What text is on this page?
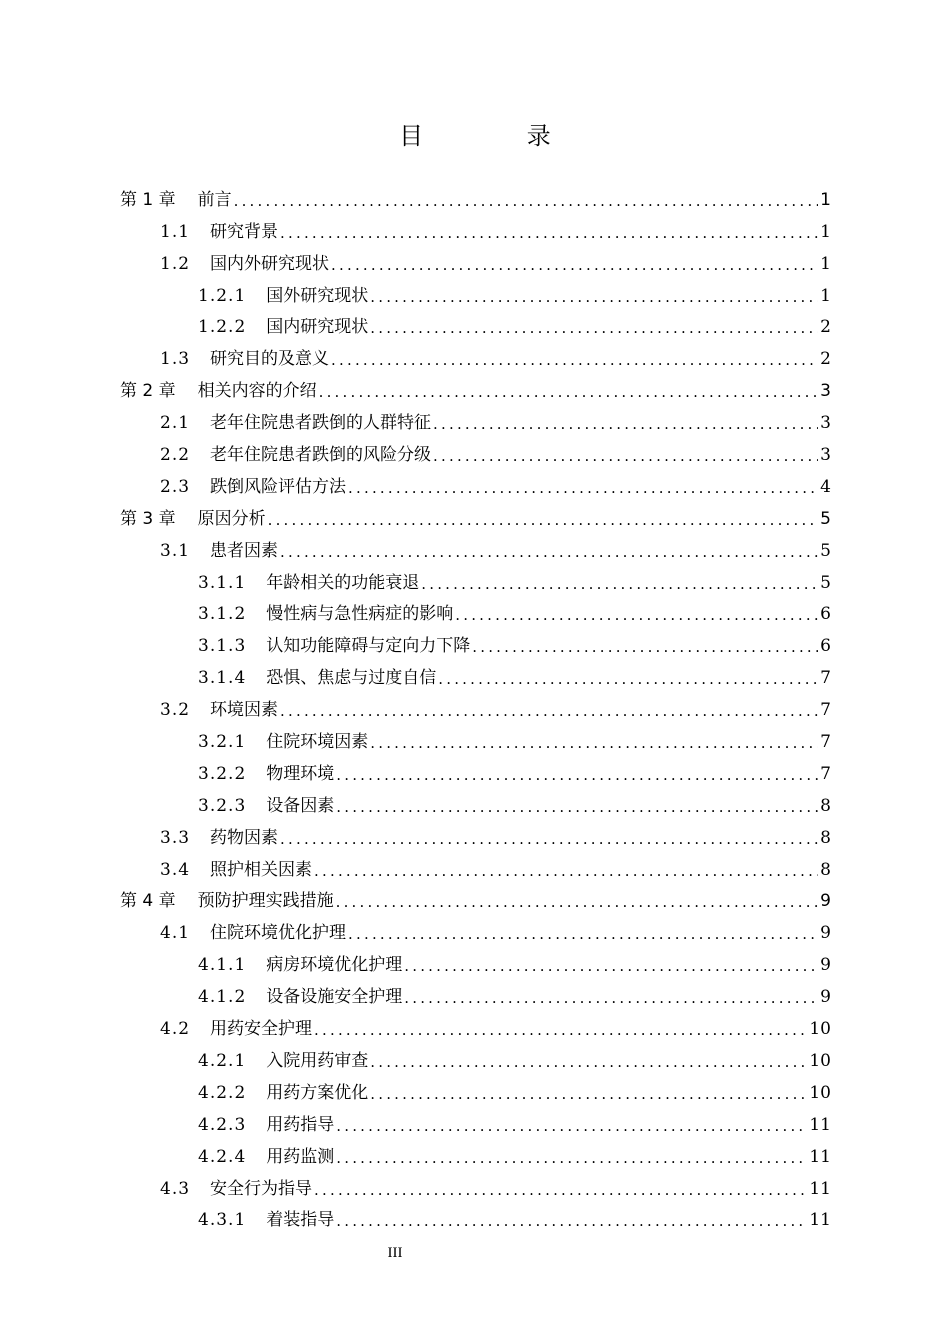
目 录
第 1 章 前言 .....	1
1.1 研究背景 .....	1
1.2 国内外研究现状 .....	1
1.2.1 国外研究现状 .....	1
1.2.2 国内研究现状 .....	2
1.3 研究目的及意义 .....	2
第 2 章 相关内容的介绍 .....	3
2.1 老年住院患者跌倒的人群特征 .....	3
2.2 老年住院患者跌倒的风险分级 .....	3
2.3 跌倒风险评估方法 .....	4
第 3 章 原因分析 .....	5
3.1 患者因素 .....	5
3.1.1 年龄相关的功能衰退 .....	5
3.1.2 慢性病与急性病症的影响 .....	6
3.1.3 认知功能障碍与定向力下降 .....	6
3.1.4 恐惧、焦虑与过度自信 .....	7
3.2 环境因素 .....	7
3.2.1 住院环境因素 .....	7
3.2.2 物理环境 .....	7
3.2.3 设备因素 .....	8
3.3 药物因素 .....	8
3.4 照护相关因素 .....	8
第 4 章 预防护理实践措施 .....	9
4.1 住院环境优化护理 .....	9
4.1.1 病房环境优化护理 .....	9
4.1.2 设备设施安全护理 .....	9
4.2 用药安全护理 .....	10
4.2.1 入院用药审查 .....	10
4.2.2 用药方案优化 .....	10
4.2.3 用药指导 .....	11
4.2.4 用药监测 .....	11
4.3 安全行为指导 .....	11
4.3.1 着装指导 .....	11
III
